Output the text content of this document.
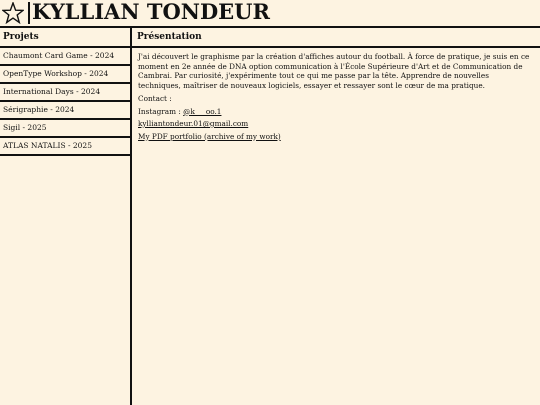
KYLLIAN TONDEUR
Projets
Chaumont Card Game - 2024
OpenType Workshop - 2024
International Days - 2024
Sérigraphie - 2024
Sigil - 2025
ATLAS NATALIS - 2025
Présentation

J'ai découvert le graphisme par la création d'affiches autour du football. À force de pratique, je suis en ce moment en 2e année de DNA option communication à l'École Supérieure d'Art et de Communication de Cambrai. Par curiosité, j'expérimente tout ce qui me passe par la tête. Apprendre de nouvelles techniques, maîtriser de nouveaux logiciels, essayer et ressayer sont le cœur de ma pratique.

Contact :
Instagram : @k___oo.1
kylliantondeur.01@gmail.com
My PDF portfolio (archive of my work)
